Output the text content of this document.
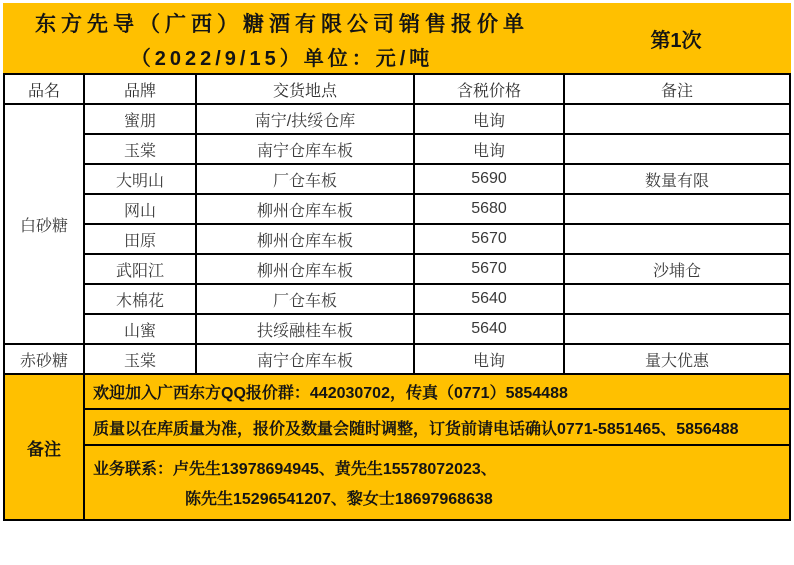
东方先导（广西）糖酒有限公司销售报价单
（2022/9/15）单位：元/吨
第1次
品名	品牌	交货地点	含税价格	备注
白砂糖	蜜朋	南宁/扶绥仓库	电询	
	玉棠	南宁仓库车板	电询	
	大明山	厂仓车板	5690	数量有限
	网山	柳州仓库车板	5680	
	田原	柳州仓库车板	5670	
	武阳江	柳州仓库车板	5670	沙埔仓
	木棉花	厂仓车板	5640	
	山蜜	扶绥融桂车板	5640	
赤砂糖	玉棠	南宁仓库车板	电询	量大优惠
备注
欢迎加入广西东方QQ报价群：442030702，传真（0771）5854488
质量以在库质量为准，报价及数量会随时调整，订货前请电话确认0771-5851465、5856488
业务联系：卢先生13978694945、黄先生15578072023、
陈先生15296541207、黎女士18697968638
